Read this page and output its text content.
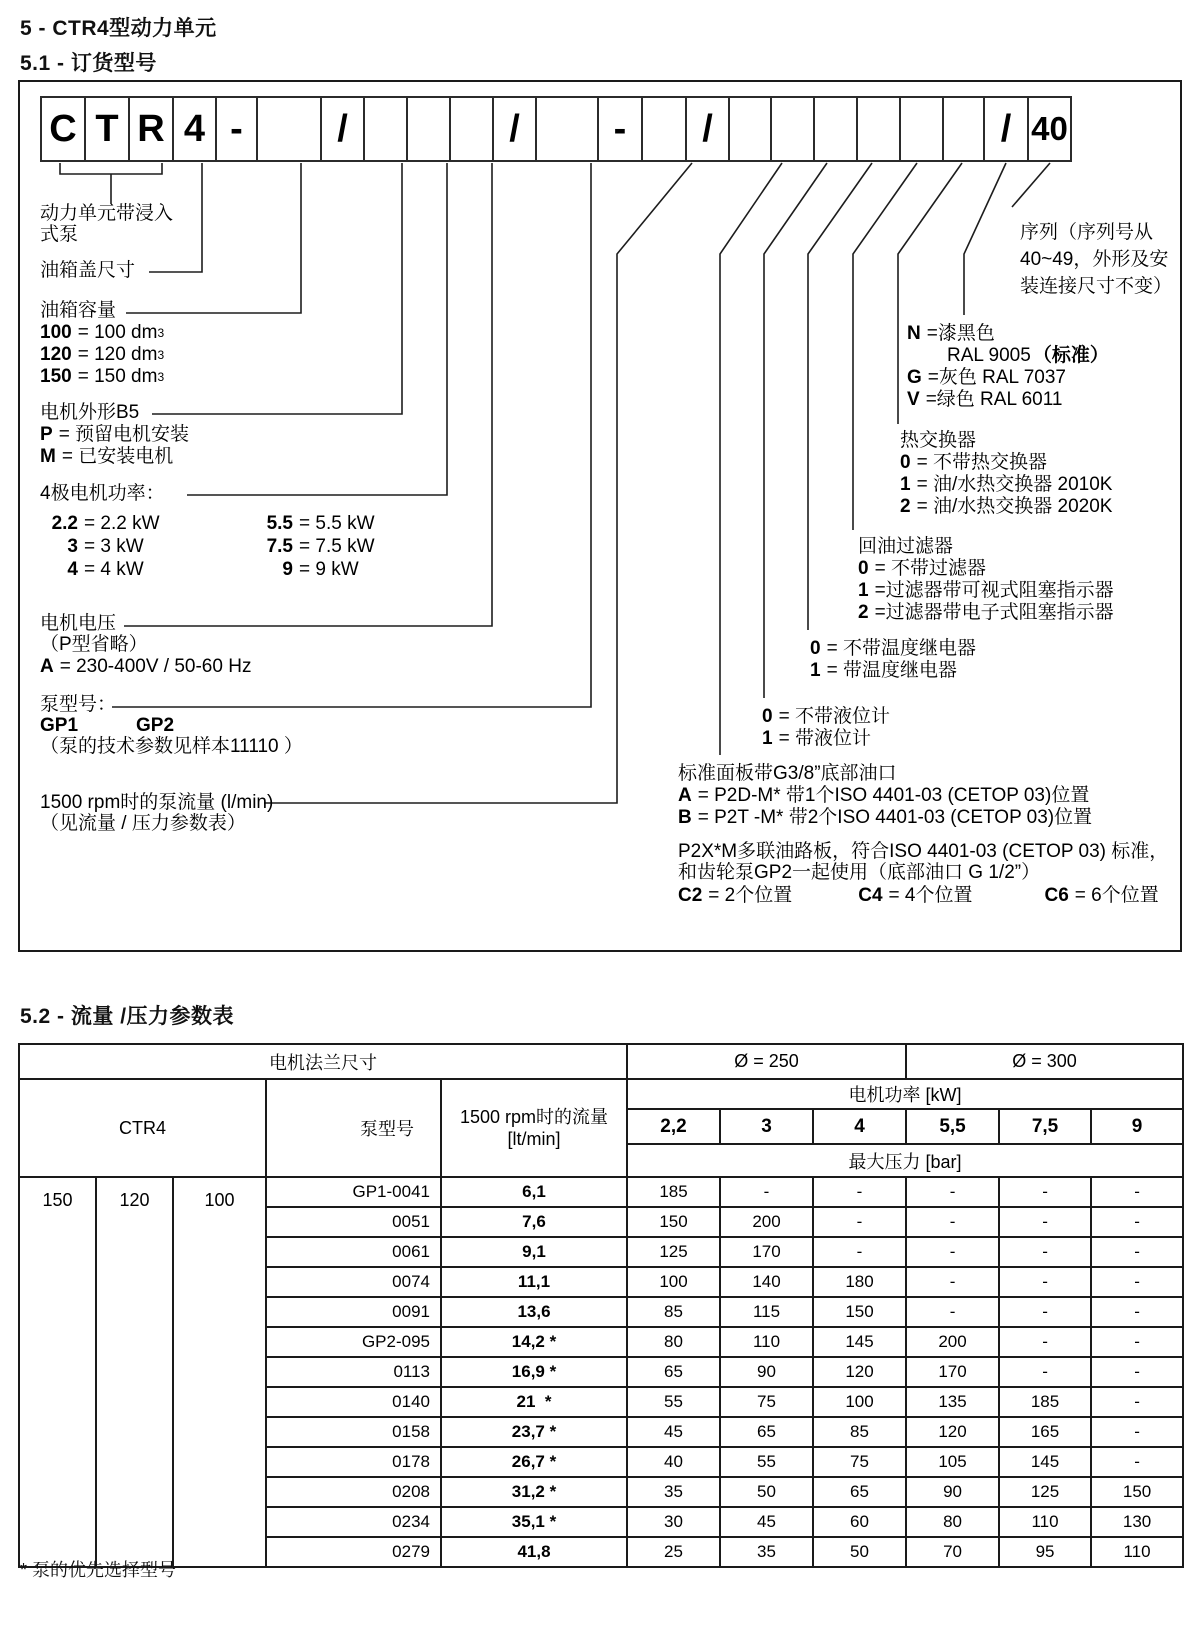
5 - CTR4型动力单元
5.1 - 订货型号
C T R 4 -	/	/	-	/	/ 40
动力单元带浸入
式泵
油箱盖尺寸
油箱容量
100 = 100 dm 3
120 = 120 dm 3
150 = 150 dm 3
电机外形B5
P = 预留电机安装
M = 已安装电机
4极电机功率：
2.2 = 2.2 kW	5.5 = 5.5 kW
3 = 3 kW	7.5 = 7.5 kW
4 = 4 kW	9 = 9 kW
电机电压
（P型省略）
A = 230-400V / 50-60 Hz
泵型号：
GP1	GP2
（泵的技术参数见样本11110 ）
1500 rpm时的泵流量 (l/min)
（见流量 / 压力参数表）
序列（序列号从
40~49，外形及安
装连接尺寸不变）
N =漆黑色
RAL 9005 （标准）
G =灰色 RAL 7037
V =绿色 RAL 6011
热交换器
0 = 不带热交换器
1 = 油/水热交换器 2010K
2 = 油/水热交换器 2020K
回油过滤器
0 = 不带过滤器
1 =过滤器带可视式阻塞指示器
2 =过滤器带电子式阻塞指示器
0 = 不带温度继电器
1 = 带温度继电器
0 = 不带液位计
1 = 带液位计
标准面板带G3/8”底部油口
A = P2D-M* 带1个ISO 4401-03 (CETOP 03)位置
B = P2T -M* 带2个ISO 4401-03 (CETOP 03)位置
P2X*M多联油路板，符合ISO 4401-03 (CETOP 03) 标准，
和齿轮泵GP2一起使用（底部油口 G 1/2”）
C2 = 2个位置	C4 = 4个位置	C6 = 6个位置
5.2 - 流量 /压力参数表
电机法兰尺寸					Ø = 250			Ø = 300		
CTR4			泵型号	1500 rpm时的流量
[lt/min]	电机功率 [kW]					
					2,2	3	4	5,5	7,5	9
					最大压力 [bar]					
150	120	100	GP1-0041	6,1	185	-	-	-	-	-
			0051	7,6	150	200	-	-	-	-
			0061	9,1	125	170	-	-	-	-
			0074	11,1	100	140	180	-	-	-
			0091	13,6	85	115	150	-	-	-
			GP2-095	14,2 *	80	110	145	200	-	-
			0113	16,9 *	65	90	120	170	-	-
			0140	21  *	55	75	100	135	185	-
			0158	23,7 *	45	65	85	120	165	-
			0178	26,7 *	40	55	75	105	145	-
			0208	31,2 *	35	50	65	90	125	150
			0234	35,1 *	30	45	60	80	110	130
			0279	41,8	25	35	50	70	95	110
* 泵的优先选择型号
